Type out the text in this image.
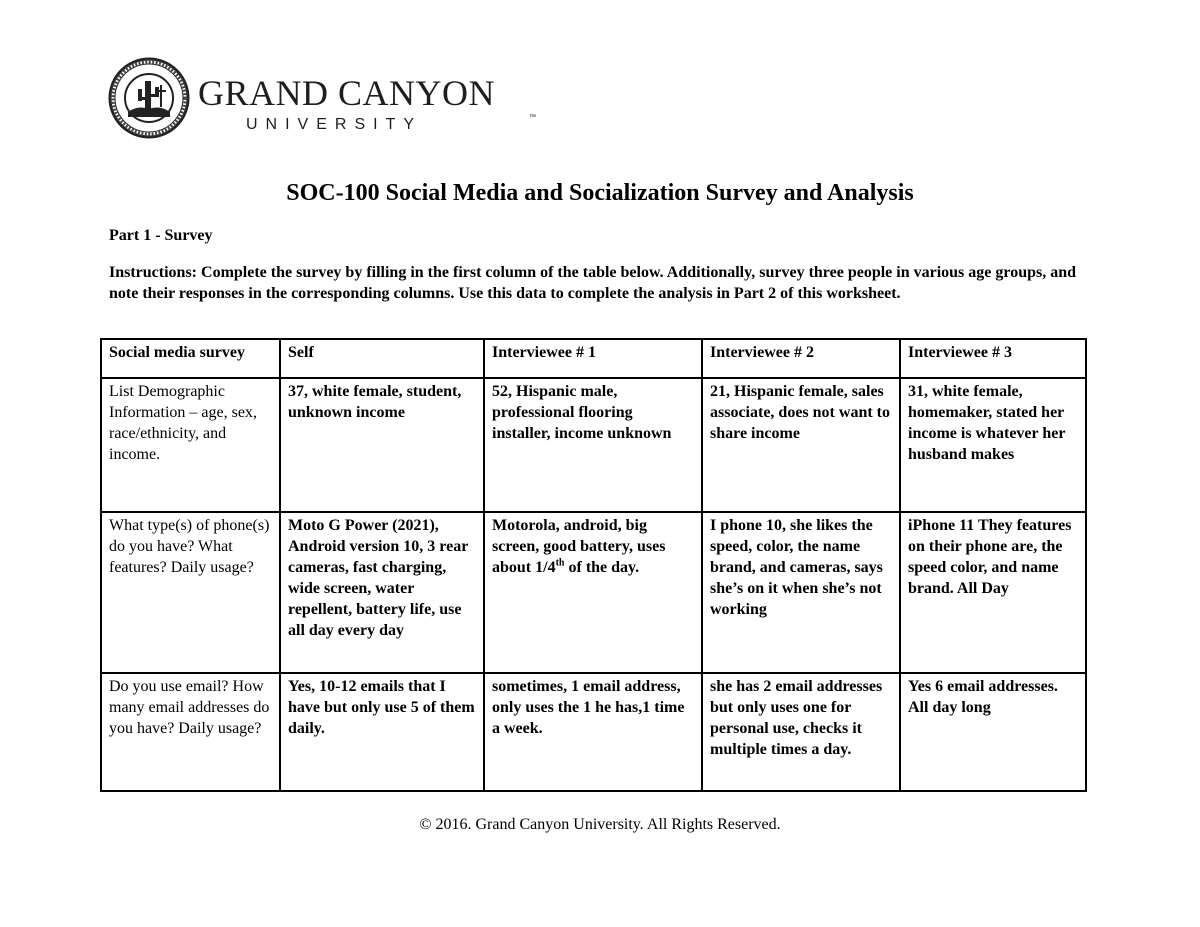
GRAND CANYON
UNIVERSITY	™
SOC-100 Social Media and Socialization Survey and Analysis
Part 1 - Survey
Instructions: Complete the survey by filling in the first column of the table below. Additionally, survey three people in various age groups, and note their responses in the corresponding columns. Use this data to complete the analysis in Part 2 of this worksheet.
Social media survey	Self	Interviewee # 1	Interviewee # 2	Interviewee # 3
List Demographic Information – age, sex, race/ethnicity, and income.	37, white female, student, unknown income	52, Hispanic male, professional flooring installer, income unknown	21, Hispanic female, sales associate, does not want to share income	31, white female, homemaker, stated her income is whatever her husband makes
What type(s) of phone(s) do you have? What features? Daily usage?	Moto G Power (2021), Android version 10, 3 rear cameras, fast charging, wide screen, water repellent, battery life, use all day every day	Motorola, android, big screen, good battery, uses about 1/4th of the day.	I phone 10, she likes the speed, color, the name brand, and cameras, says she’s on it when she’s not working	iPhone 11 They features on their phone are, the speed color, and name brand. All Day
Do you use email? How many email addresses do you have? Daily usage?	Yes, 10-12 emails that I have but only use 5 of them daily.	sometimes, 1 email address, only uses the 1 he has,1 time a week.	she has 2 email addresses but only uses one for personal use, checks it multiple times a day.	Yes 6 email addresses. All day long
© 2016. Grand Canyon University. All Rights Reserved.
